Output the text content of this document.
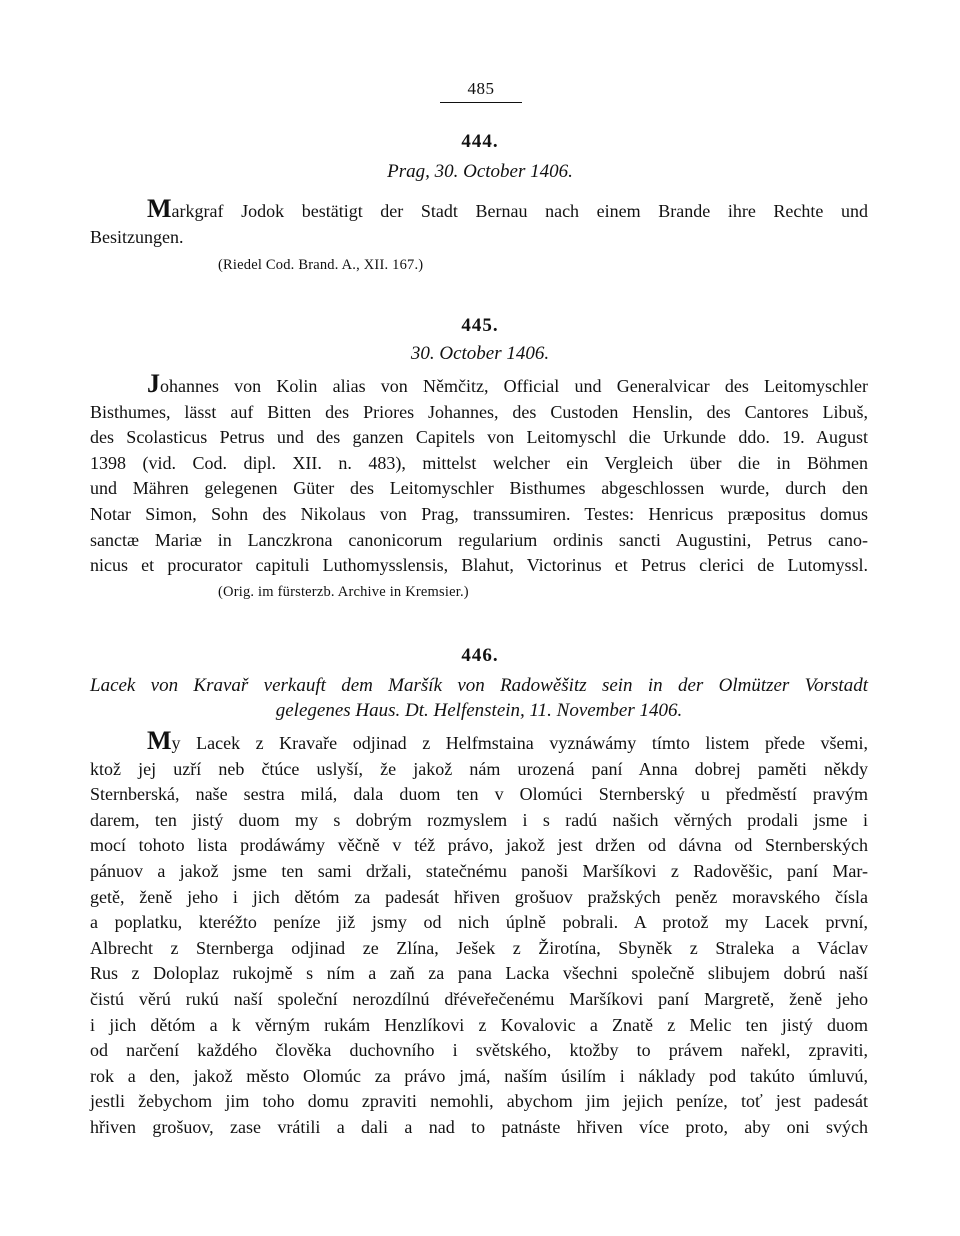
485
444.
Prag, 30. October 1406.
Markgraf Jodok bestätigt der Stadt Bernau nach einem Brande ihre Rechte und
Besitzungen.
(Riedel Cod. Brand. A., XII. 167.)
445.
30. October 1406.
Johannes von Kolin alias von Němčitz, Official und Generalvicar des Leitomyschler
Bisthumes, lässt auf Bitten des Priores Johannes, des Custoden Henslin, des Cantores Libuš,
des Scolasticus Petrus und des ganzen Capitels von Leitomyschl die Urkunde ddo. 19. August
1398 (vid. Cod. dipl. XII. n. 483), mittelst welcher ein Vergleich über die in Böhmen
und Mähren gelegenen Güter des Leitomyschler Bisthumes abgeschlossen wurde, durch den
Notar Simon, Sohn des Nikolaus von Prag, transsumiren. Testes: Henricus præpositus domus
sanctæ Mariæ in Lanczkrona canonicorum regularium ordinis sancti Augustini, Petrus cano-
nicus et procurator capituli Luthomysslensis, Blahut, Victorinus et Petrus clerici de Lutomyssl.
(Orig. im fürsterzb. Archive in Kremsier.)
446.
Lacek von Kravař verkauft dem Maršík von Radowěšitz sein in der Olmützer Vorstadt
gelegenes Haus. Dt. Helfenstein, 11. November 1406.
My Lacek z Kravaře odjinad z Helfmstaina vyznáwámy tímto listem přede všemi,
ktož jej uzří neb čtúce uslyší, že jakož nám urozená paní Anna dobrej paměti někdy
Sternberská, naše sestra milá, dala duom ten v Olomúci Sternberský u předměstí pravým
darem, ten jistý duom my s dobrým rozmyslem i s radú našich věrných prodali jsme i
mocí tohoto lista prodáwámy věčně v též právo, jakož jest držen od dávna od Sternberských
pánuov a jakož jsme ten sami držali, statečnému panoši Maršíkovi z Radověšic, paní Mar-
getě, ženě jeho i jich dětóm za padesát hřiven grošuov pražských peněz moravského čísla
a poplatku, kteréžto peníze již jsmy od nich úplně pobrali. A protož my Lacek první,
Albrecht z Sternberga odjinad ze Zlína, Ješek z Žirotína, Sbyněk z Straleka a Václav
Rus z Doloplaz rukojmě s ním a zaň za pana Lacka všechni společně slibujem dobrú naší
čistú věrú rukú naší společní nerozdílnú dřéveřečenému Maršíkovi paní Margretě, ženě jeho
i jich dětóm a k věrným rukám Henzlíkovi z Kovalovic a Znatě z Melic ten jistý duom
od narčení každého člověka duchovního i světského, ktožby to právem nařekl, zpraviti,
rok a den, jakož město Olomúc za právo jmá, naším úsilím i náklady pod takúto úmluvú,
jestli žebychom jim toho domu zpraviti nemohli, abychom jim jejich peníze, toť jest padesát
hřiven grošuov, zase vrátili a dali a nad to patnáste hřiven více proto, aby oni svých
